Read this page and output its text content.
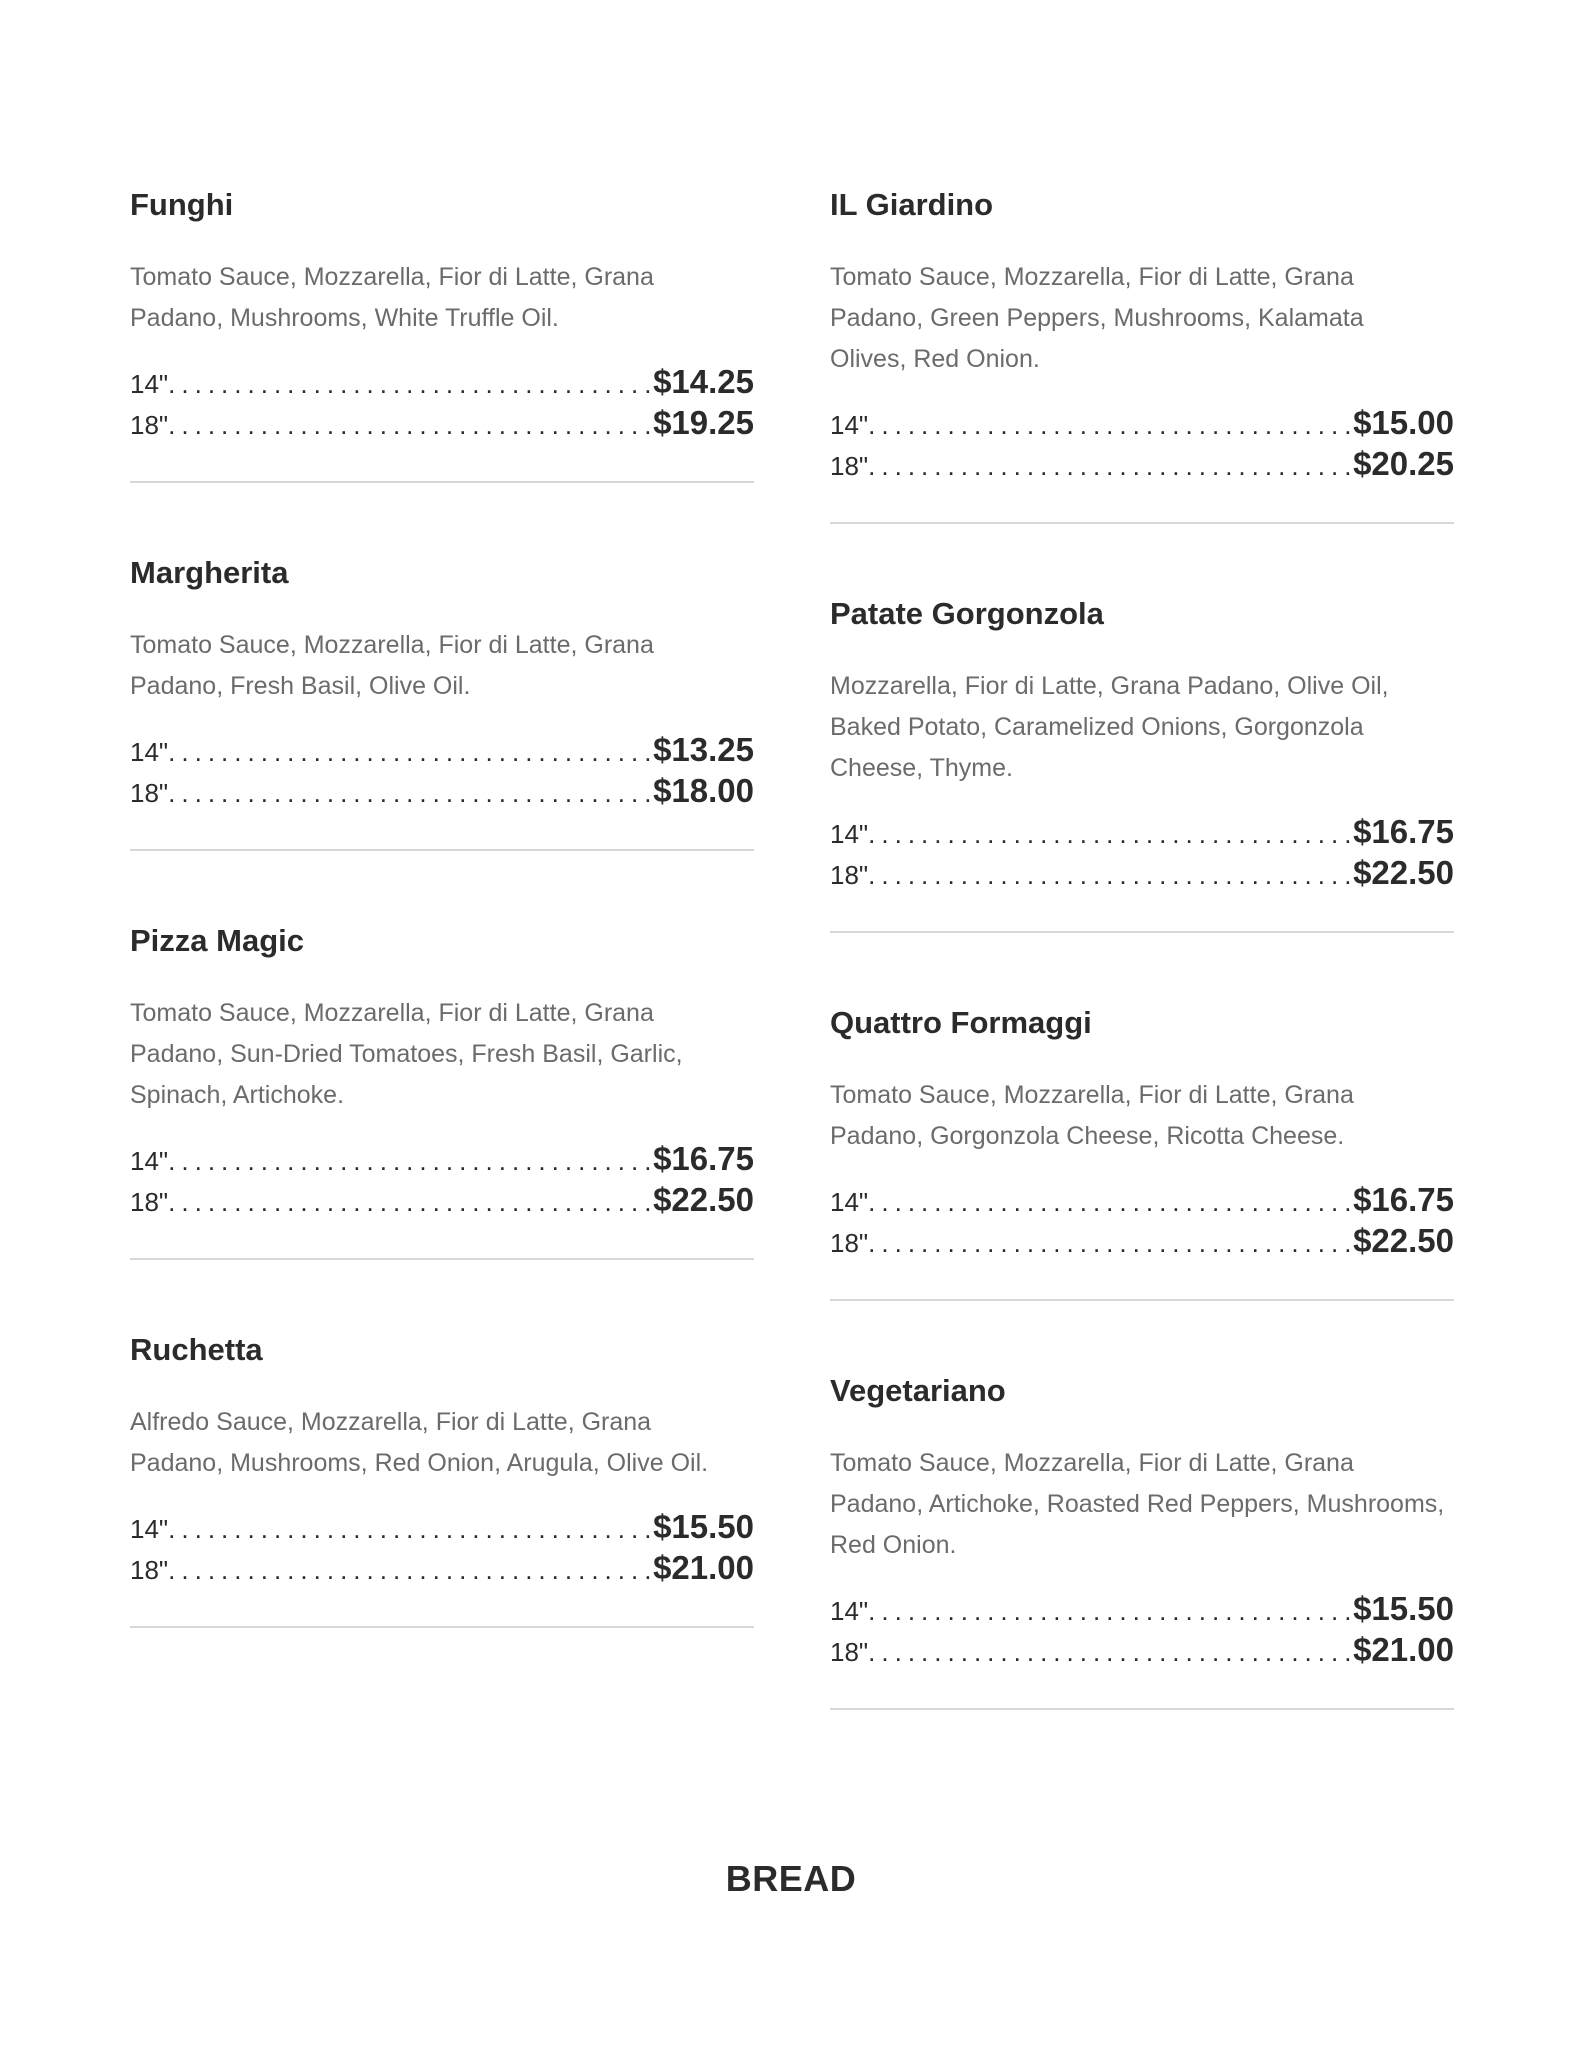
Funghi
Tomato Sauce, Mozzarella, Fior di Latte, Grana Padano, Mushrooms, White Truffle Oil.
14" .....	$14.25
18" .....	$19.25
Margherita
Tomato Sauce, Mozzarella, Fior di Latte, Grana Padano, Fresh Basil, Olive Oil.
14" .....	$13.25
18" .....	$18.00
Pizza Magic
Tomato Sauce, Mozzarella, Fior di Latte, Grana Padano, Sun-Dried Tomatoes, Fresh Basil, Garlic, Spinach, Artichoke.
14" .....	$16.75
18" .....	$22.50
Ruchetta
Alfredo Sauce, Mozzarella, Fior di Latte, Grana Padano, Mushrooms, Red Onion, Arugula, Olive Oil.
14" .....	$15.50
18" .....	$21.00
IL Giardino
Tomato Sauce, Mozzarella, Fior di Latte, Grana Padano, Green Peppers, Mushrooms, Kalamata Olives, Red Onion.
14" .....	$15.00
18" .....	$20.25
Patate Gorgonzola
Mozzarella, Fior di Latte, Grana Padano, Olive Oil, Baked Potato, Caramelized Onions, Gorgonzola Cheese, Thyme.
14" .....	$16.75
18" .....	$22.50
Quattro Formaggi
Tomato Sauce, Mozzarella, Fior di Latte, Grana Padano, Gorgonzola Cheese, Ricotta Cheese.
14" .....	$16.75
18" .....	$22.50
Vegetariano
Tomato Sauce, Mozzarella, Fior di Latte, Grana Padano, Artichoke, Roasted Red Peppers, Mushrooms, Red Onion.
14" .....	$15.50
18" .....	$21.00
BREAD
